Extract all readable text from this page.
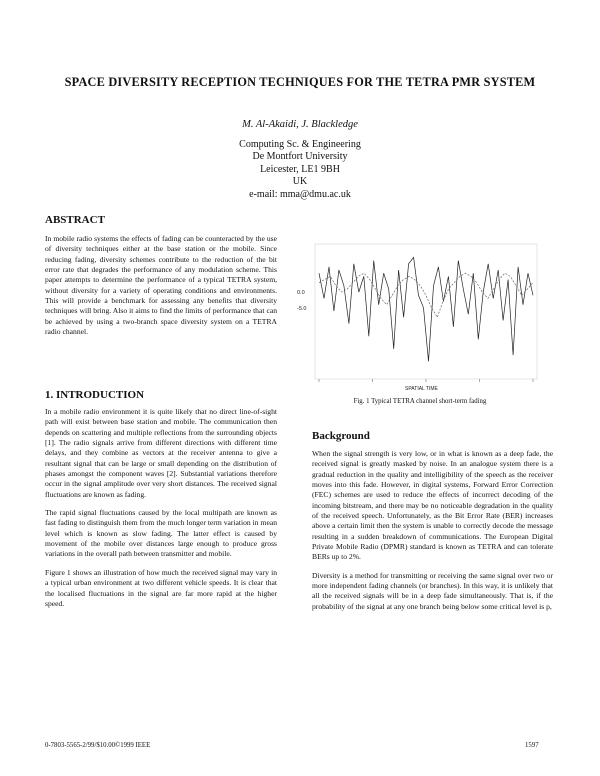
SPACE DIVERSITY RECEPTION TECHNIQUES FOR THE TETRA PMR SYSTEM
M. Al-Akaidi, J. Blackledge
Computing Sc. & Engineering
De Montfort University
Leicester, LE1 9BH
UK
e-mail: mma@dmu.ac.uk
ABSTRACT

In mobile radio systems the effects of fading can be counteracted by the use of diversity techniques either at the base station or the mobile. Since reducing fading, diversity schemes contribute to the reduction of the bit error rate that degrades the performance of any modulation scheme. This paper attempts to determine the performance of a typical TETRA system, without diversity for a variety of operating conditions and environments. This will provide a benchmark for assessing any benefits that diversity techniques will bring. Also it aims to find the limits of performance that can be achieved by using a two-branch space diversity system on a TETRA radio channel.

1. INTRODUCTION

In a mobile radio environment it is quite likely that no direct line-of-sight path will exist between base station and mobile. The communication then depends on scattering and multiple reflections from the surrounding objects [1]. The radio signals arrive from different directions with different time delays, and they combine as vectors at the receiver antenna to give a resultant signal that can be large or small depending on the distribution of phases amongst the component waves [2]. Substantial variations therefore occur in the signal amplitude over very short distances. The received signal fluctuations are known as fading.

The rapid signal fluctuations caused by the local multipath are known as fast fading to distinguish them from the much longer term variation in mean level which is known as slow fading. The latter effect is caused by movement of the mobile over distances large enough to produce gross variations in the overall path between transmitter and mobile.

Figure 1 shows an illustration of how much the received signal may vary in a typical urban environment at two different vehicle speeds. It is clear that the localised fluctuations in the signal are far more rapid at the higher speed.

0.0
-5.0
SPATIAL TIME
Fig. 1 Typical TETRA channel short-term fading
Background

When the signal strength is very low, or in what is known as a deep fade, the received signal is greatly masked by noise. In an analogue system there is a gradual reduction in the quality and intelligibility of the speech as the receiver moves into this fade. However, in digital systems, Forward Error Correction (FEC) schemes are used to reduce the effects of incorrect decoding of the incoming bitstream, and there may be no noticeable degradation in the quality of the received speech. Unfortunately, as the Bit Error Rate (BER) increases above a certain limit then the system is unable to correctly decode the message resulting in a sudden breakdown of communications. The European Digital Private Mobile Radio (DPMR) standard is known as TETRA and can tolerate BERs up to 2%.

Diversity is a method for transmitting or receiving the same signal over two or more independent fading channels (or branches). In this way, it is unlikely that all the received signals will be in a deep fade simultaneously. That is, if the probability of the signal at any one branch being below some critical level is p,

0-7803-5565-2/99/$10.00©1999 IEEE	1597
